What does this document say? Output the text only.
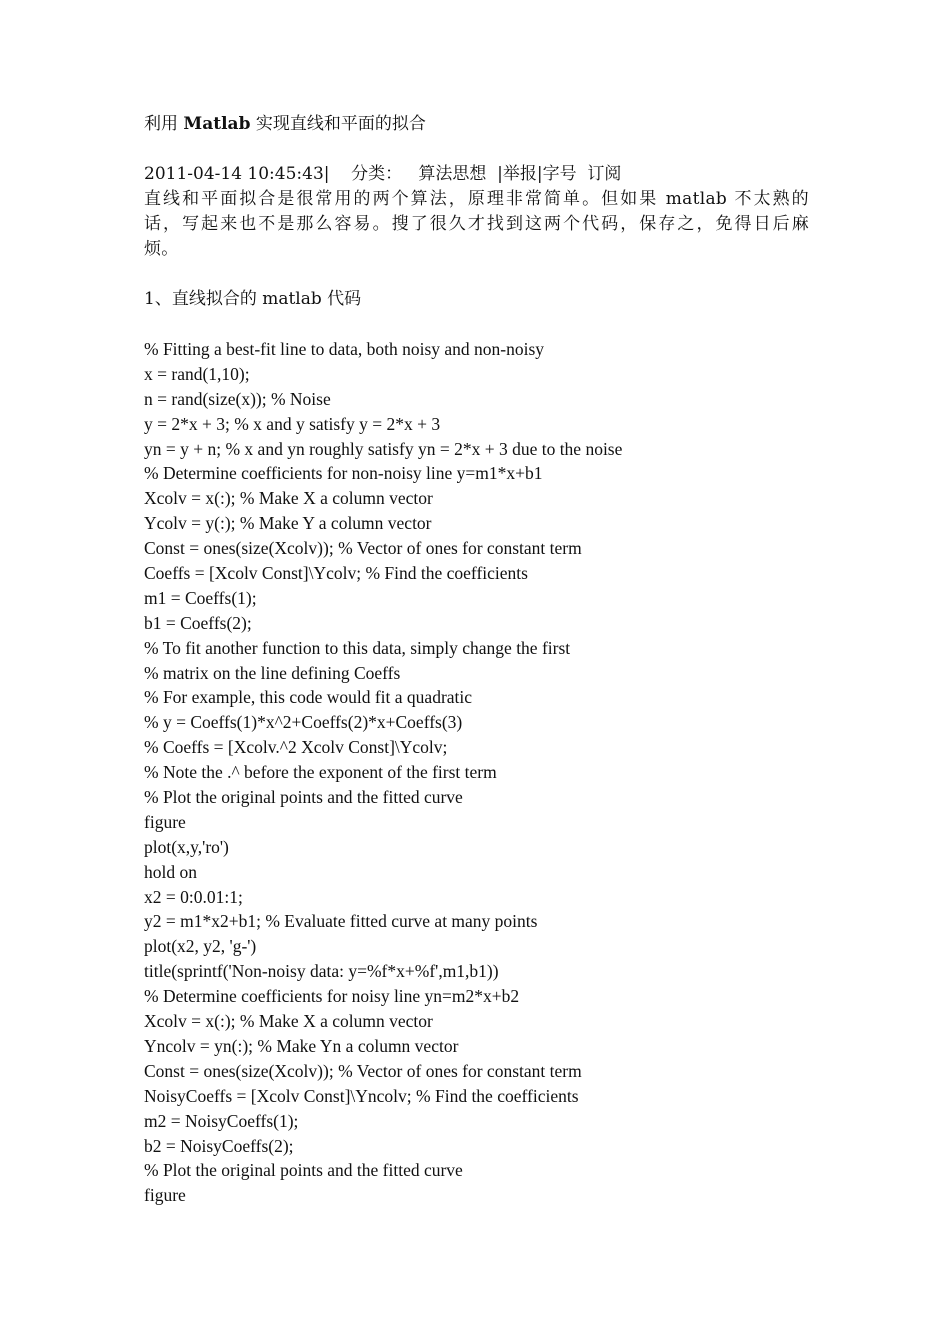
利用 Matlab 实现直线和平面的拟合
2011-04-14 10:45:43|    分类：   算法思想  |举报|字号  订阅
直线和平面拟合是很常用的两个算法，原理非常简单。但如果 matlab 不太熟的
话，写起来也不是那么容易。搜了很久才找到这两个代码，保存之，免得日后麻
烦。
1、直线拟合的 matlab 代码
% Fitting a best-fit line to data, both noisy and non-noisy
x = rand(1,10);
n = rand(size(x)); % Noise
y = 2*x + 3; % x and y satisfy y = 2*x + 3
yn = y + n; % x and yn roughly satisfy yn = 2*x + 3 due to the noise
% Determine coefficients for non-noisy line y=m1*x+b1
Xcolv = x(:); % Make X a column vector
Ycolv = y(:); % Make Y a column vector
Const = ones(size(Xcolv)); % Vector of ones for constant term
Coeffs = [Xcolv Const]\Ycolv; % Find the coefficients
m1 = Coeffs(1);
b1 = Coeffs(2);
% To fit another function to this data, simply change the first
% matrix on the line defining Coeffs
% For example, this code would fit a quadratic
% y = Coeffs(1)*x^2+Coeffs(2)*x+Coeffs(3)
% Coeffs = [Xcolv.^2 Xcolv Const]\Ycolv;
% Note the .^ before the exponent of the first term
% Plot the original points and the fitted curve
figure
plot(x,y,'ro')
hold on
x2 = 0:0.01:1;
y2 = m1*x2+b1; % Evaluate fitted curve at many points
plot(x2, y2, 'g-')
title(sprintf('Non-noisy data: y=%f*x+%f',m1,b1))
% Determine coefficients for noisy line yn=m2*x+b2
Xcolv = x(:); % Make X a column vector
Yncolv = yn(:); % Make Yn a column vector
Const = ones(size(Xcolv)); % Vector of ones for constant term
NoisyCoeffs = [Xcolv Const]\Yncolv; % Find the coefficients
m2 = NoisyCoeffs(1);
b2 = NoisyCoeffs(2);
% Plot the original points and the fitted curve
figure
